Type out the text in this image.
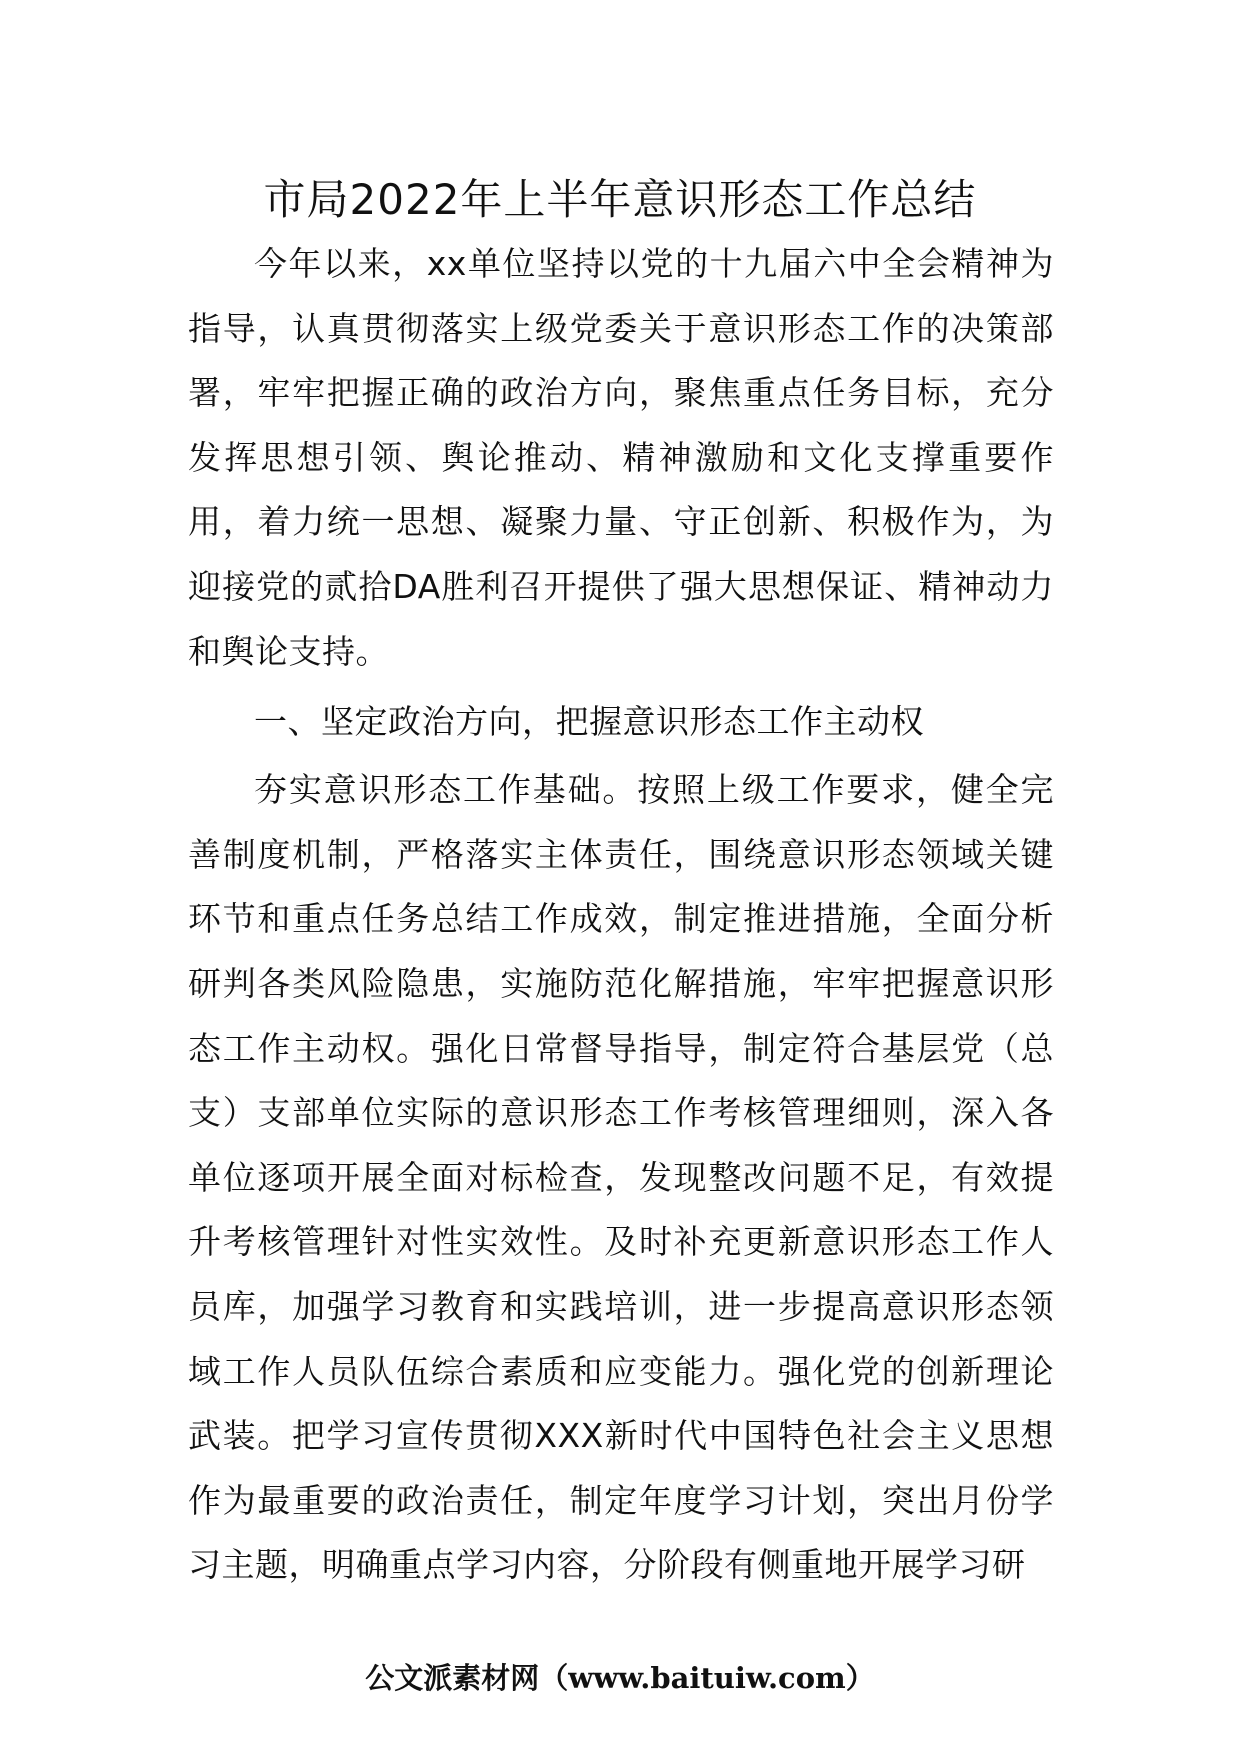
市局2022年上半年意识形态工作总结

今年以来，xx单位坚持以党的十九届六中全会精神为指导，认真贯彻落实上级党委关于意识形态工作的决策部署，牢牢把握正确的政治方向，聚焦重点任务目标，充分发挥思想引领、舆论推动、精神激励和文化支撑重要作用，着力统一思想、凝聚力量、守正创新、积极作为，为迎接党的贰拾DA胜利召开提供了强大思想保证、精神动力和舆论支持。

一、坚定政治方向，把握意识形态工作主动权

夯实意识形态工作基础。按照上级工作要求，健全完善制度机制，严格落实主体责任，围绕意识形态领域关键环节和重点任务总结工作成效，制定推进措施，全面分析研判各类风险隐患，实施防范化解措施，牢牢把握意识形态工作主动权。强化日常督导指导，制定符合基层党（总支）支部单位实际的意识形态工作考核管理细则，深入各单位逐项开展全面对标检查，发现整改问题不足，有效提升考核管理针对性实效性。及时补充更新意识形态工作人员库，加强学习教育和实践培训，进一步提高意识形态领域工作人员队伍综合素质和应变能力。强化党的创新理论武装。把学习宣传贯彻XXX新时代中国特色社会主义思想作为最重要的政治责任，制定年度学习计划，突出月份学习主题，明确重点学习内容，分阶段有侧重地开展学习研

公文派素材网（www.baituiw.com）
